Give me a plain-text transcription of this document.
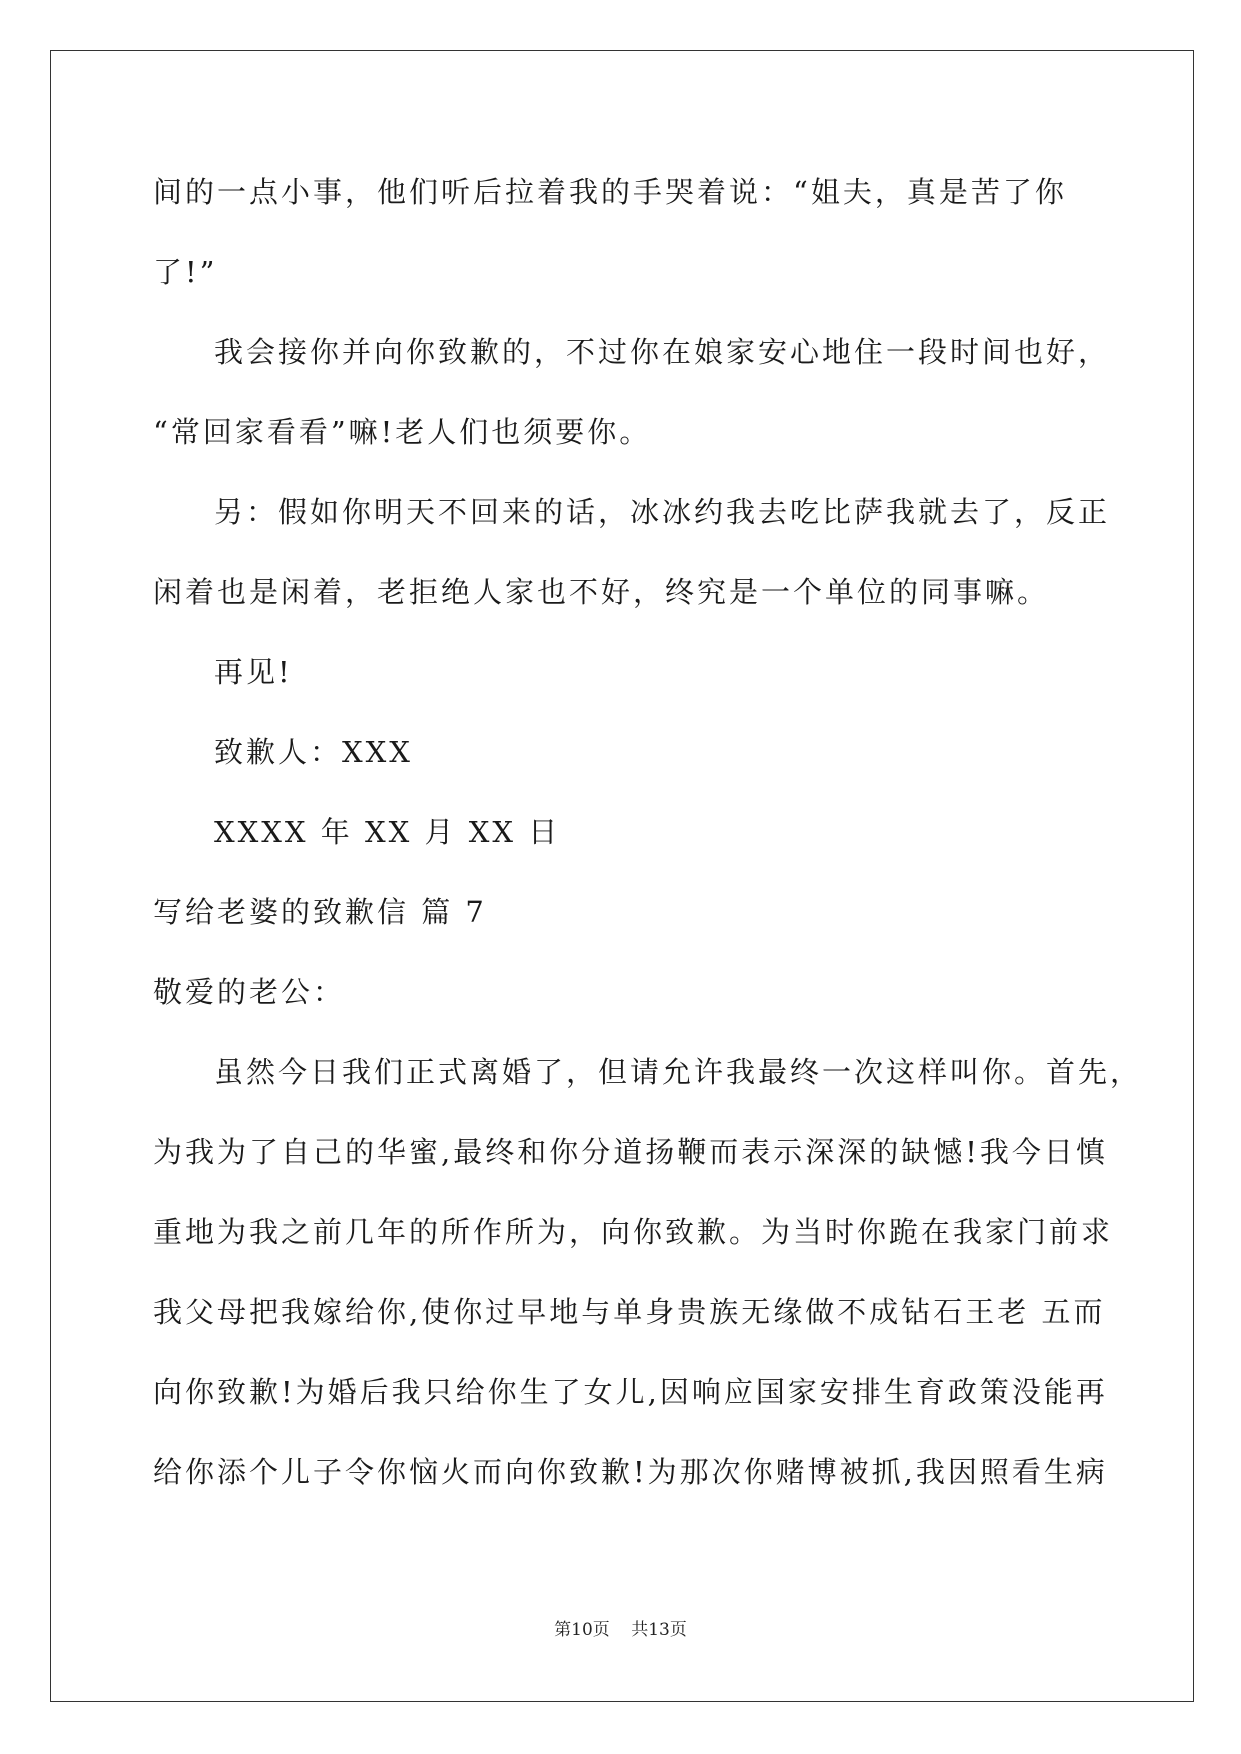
间的一点小事，他们听后拉着我的手哭着说：“姐夫，真是苦了你
了!”
我会接你并向你致歉的，不过你在娘家安心地住一段时间也好，
“常回家看看”嘛!老人们也须要你。
另：假如你明天不回来的话，冰冰约我去吃比萨我就去了，反正
闲着也是闲着，老拒绝人家也不好，终究是一个单位的同事嘛。
再见!
致歉人：XXX
XXXX 年 XX 月 XX 日
写给老婆的致歉信 篇 7
敬爱的老公：
虽然今日我们正式离婚了，但请允许我最终一次这样叫你。首先，
为我为了自己的华蜜,最终和你分道扬鞭而表示深深的缺憾!我今日慎
重地为我之前几年的所作所为，向你致歉。为当时你跪在我家门前求
我父母把我嫁给你,使你过早地与单身贵族无缘做不成钻石王老 五而
向你致歉!为婚后我只给你生了女儿,因响应国家安排生育政策没能再
给你添个儿子令你恼火而向你致歉!为那次你赌博被抓,我因照看生病
第10页 共13页
